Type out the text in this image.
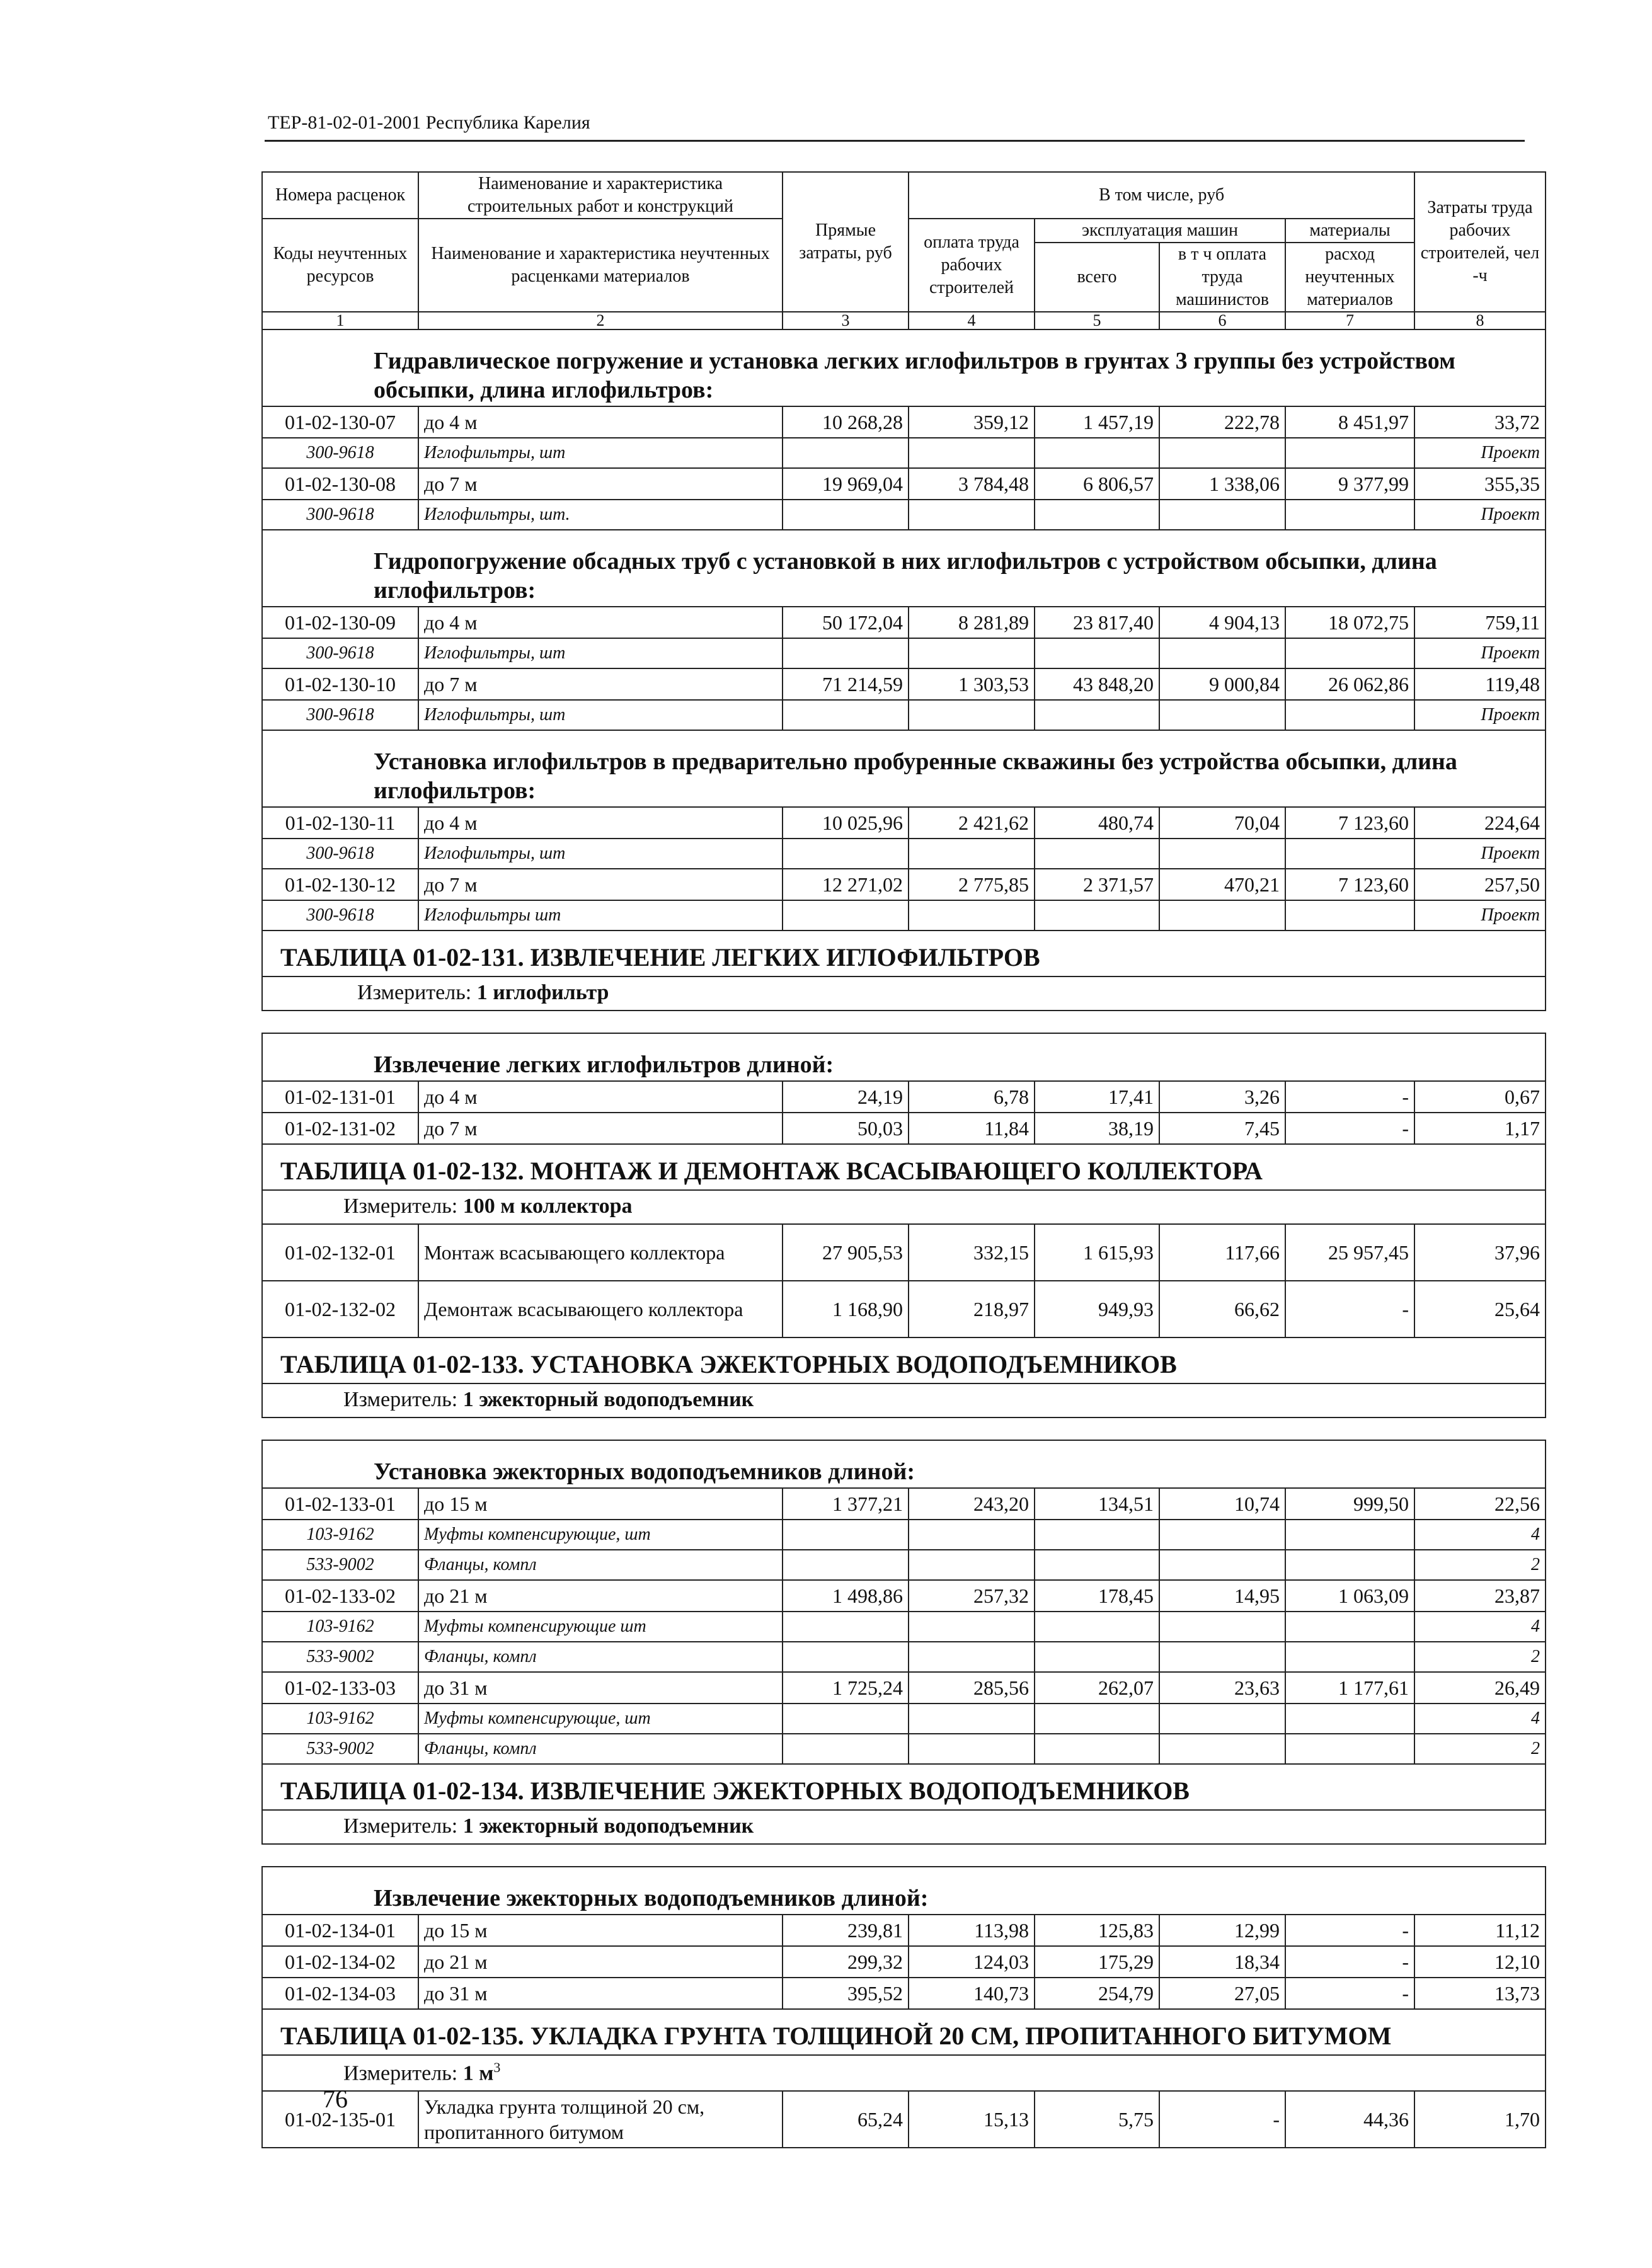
ТЕР-81-02-01-2001 Республика Карелия
Номера расценок	Наименование и характеристика строительных работ и конструкций	Прямые затраты, руб	В том числе, руб				Затраты труда рабочих строителей, чел -ч	
Коды неучтенных ресурсов	Наименование и характеристика неучтенных расценками материалов		оплата труда рабочих строителей	эксплуатация машин		материалы		
				всего	в т ч оплата труда машинистов	расход неучтенных материалов		
1	2	3	4	5	6	7	8	
Гидравлическое погружение и установка легких иглофильтров в грунтах 3 группы без устройством обсыпки, длина иглофильтров:								
01-02-130-07	до 4 м	10 268,28	359,12	1 457,19	222,78	8 451,97	33,72	
300-9618	Иглофильтры, шт						Проект	
01-02-130-08	до 7 м	19 969,04	3 784,48	6 806,57	1 338,06	9 377,99	355,35	
300-9618	Иглофильтры, шт.						Проект	
Гидропогружение обсадных труб с установкой в них иглофильтров с устройством обсыпки, длина иглофильтров:								
01-02-130-09	до 4 м	50 172,04	8 281,89	23 817,40	4 904,13	18 072,75	759,11	
300-9618	Иглофильтры, шт						Проект	
01-02-130-10	до 7 м	71 214,59	1 303,53	43 848,20	9 000,84	26 062,86	119,48	
300-9618	Иглофильтры, шт						Проект	
Установка иглофильтров в предварительно пробуренные скважины без устройства обсыпки, длина иглофильтров:								
01-02-130-11	до 4 м	10 025,96	2 421,62	480,74	70,04	7 123,60	224,64	
300-9618	Иглофильтры, шт						Проект	
01-02-130-12	до 7 м	12 271,02	2 775,85	2 371,57	470,21	7 123,60	257,50	
300-9618	Иглофильтры шт						Проект	
ТАБЛИЦА 01-02-131. ИЗВЛЕЧЕНИЕ ЛЕГКИХ ИГЛОФИЛЬТРОВ								
Измеритель: 1 иглофильтр								

Извлечение легких иглофильтров длиной:								
01-02-131-01	до 4 м	24,19	6,78	17,41	3,26	-	0,67	
01-02-131-02	до 7 м	50,03	11,84	38,19	7,45	-	1,17	
ТАБЛИЦА 01-02-132. МОНТАЖ И ДЕМОНТАЖ ВСАСЫВАЮЩЕГО КОЛЛЕКТОРА								
Измеритель: 100 м коллектора								
01-02-132-01	Монтаж всасывающего коллектора	27 905,53	332,15	1 615,93	117,66	25 957,45	37,96	
01-02-132-02	Демонтаж всасывающего коллектора	1 168,90	218,97	949,93	66,62	-	25,64	
ТАБЛИЦА 01-02-133. УСТАНОВКА ЭЖЕКТОРНЫХ ВОДОПОДЪЕМНИКОВ								
Измеритель: 1 эжекторный водоподъемник								

Установка эжекторных водоподъемников длиной:								
01-02-133-01	до 15 м	1 377,21	243,20	134,51	10,74	999,50	22,56	
103-9162	Муфты компенсирующие, шт						4	
533-9002	Фланцы, компл						2	
01-02-133-02	до 21 м	1 498,86	257,32	178,45	14,95	1 063,09	23,87	
103-9162	Муфты компенсирующие шт						4	
533-9002	Фланцы, компл						2	
01-02-133-03	до 31 м	1 725,24	285,56	262,07	23,63	1 177,61	26,49	
103-9162	Муфты компенсирующие, шт						4	
533-9002	Фланцы, компл						2	
ТАБЛИЦА 01-02-134. ИЗВЛЕЧЕНИЕ ЭЖЕКТОРНЫХ ВОДОПОДЪЕМНИКОВ								
Измеритель: 1 эжекторный водоподъемник								

Извлечение эжекторных водоподъемников длиной:								
01-02-134-01	до 15 м	239,81	113,98	125,83	12,99	-	11,12	
01-02-134-02	до 21 м	299,32	124,03	175,29	18,34	-	12,10	
01-02-134-03	до 31 м	395,52	140,73	254,79	27,05	-	13,73	
ТАБЛИЦА 01-02-135. УКЛАДКА ГРУНТА ТОЛЩИНОЙ 20 СМ, ПРОПИТАННОГО БИТУМОМ								
Измеритель: 1 $м^3$
01-02-135-01	Укладка грунта толщиной 20 см, пропитанного битумом	65,24	15,13	5,75	-	44,36	1,70	
76
